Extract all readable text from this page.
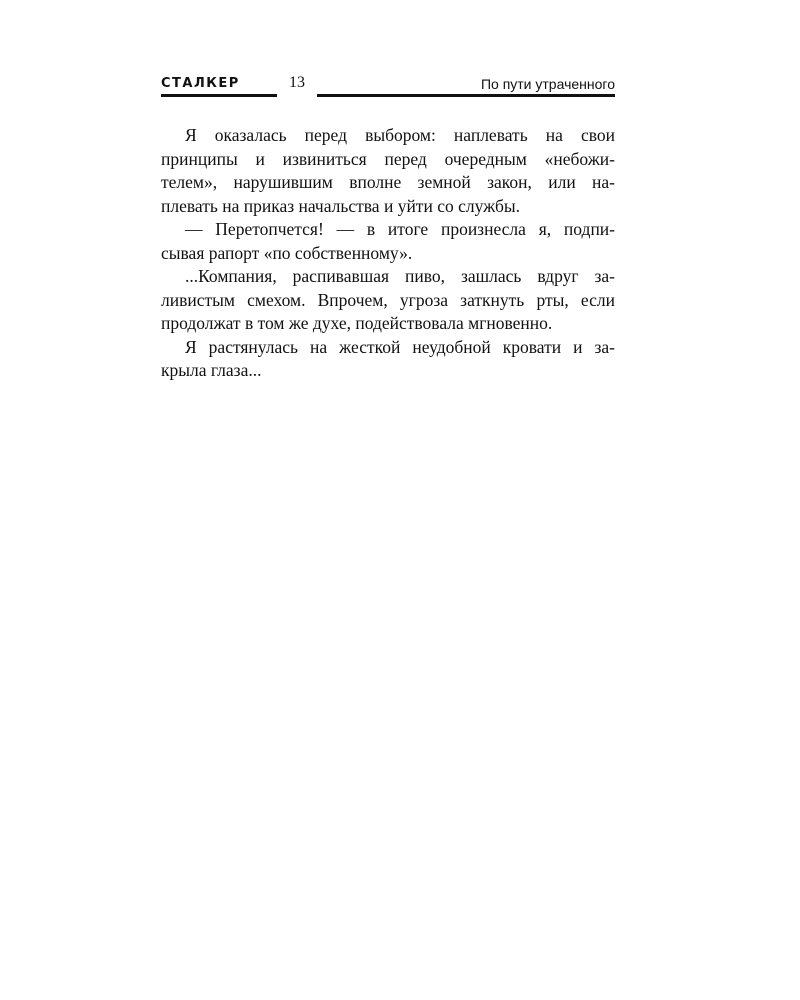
СТАЛКЕР	13	По пути утраченного

Я оказалась перед выбором: наплевать на свои
принципы и извиниться перед очередным «небожи-
телем», нарушившим вполне земной закон, или на-
плевать на приказ начальства и уйти со службы.

— Перетопчется! — в итоге произнесла я, подпи-
сывая рапорт «по собственному».

...Компания, распивавшая пиво, зашлась вдруг за-
ливистым смехом. Впрочем, угроза заткнуть рты, если
продолжат в том же духе, подействовала мгновенно.

Я растянулась на жесткой неудобной кровати и за-
крыла глаза...
